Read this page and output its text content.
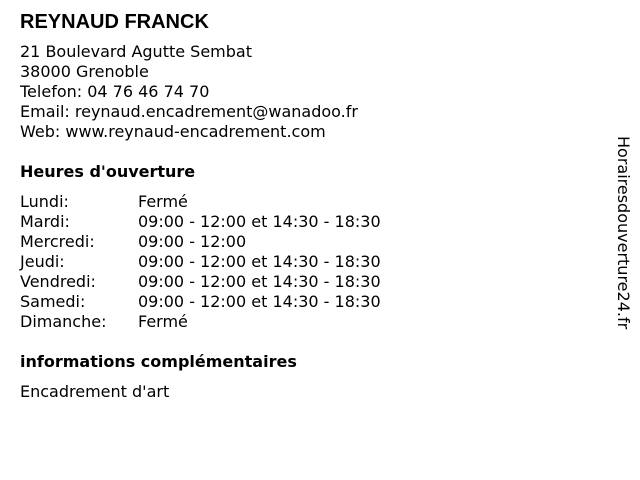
REYNAUD FRANCK
21 Boulevard Agutte Sembat
38000 Grenoble
Telefon: 04 76 46 74 70
Email: reynaud.encadrement@wanadoo.fr
Web: www.reynaud-encadrement.com
Heures d'ouverture
Lundi:	Fermé
Mardi:	09:00 - 12:00 et 14:30 - 18:30
Mercredi:	09:00 - 12:00
Jeudi:	09:00 - 12:00 et 14:30 - 18:30
Vendredi:	09:00 - 12:00 et 14:30 - 18:30
Samedi:	09:00 - 12:00 et 14:30 - 18:30
Dimanche:	Fermé
informations complémentaires
Encadrement d'art
Horairesdouverture24.fr
